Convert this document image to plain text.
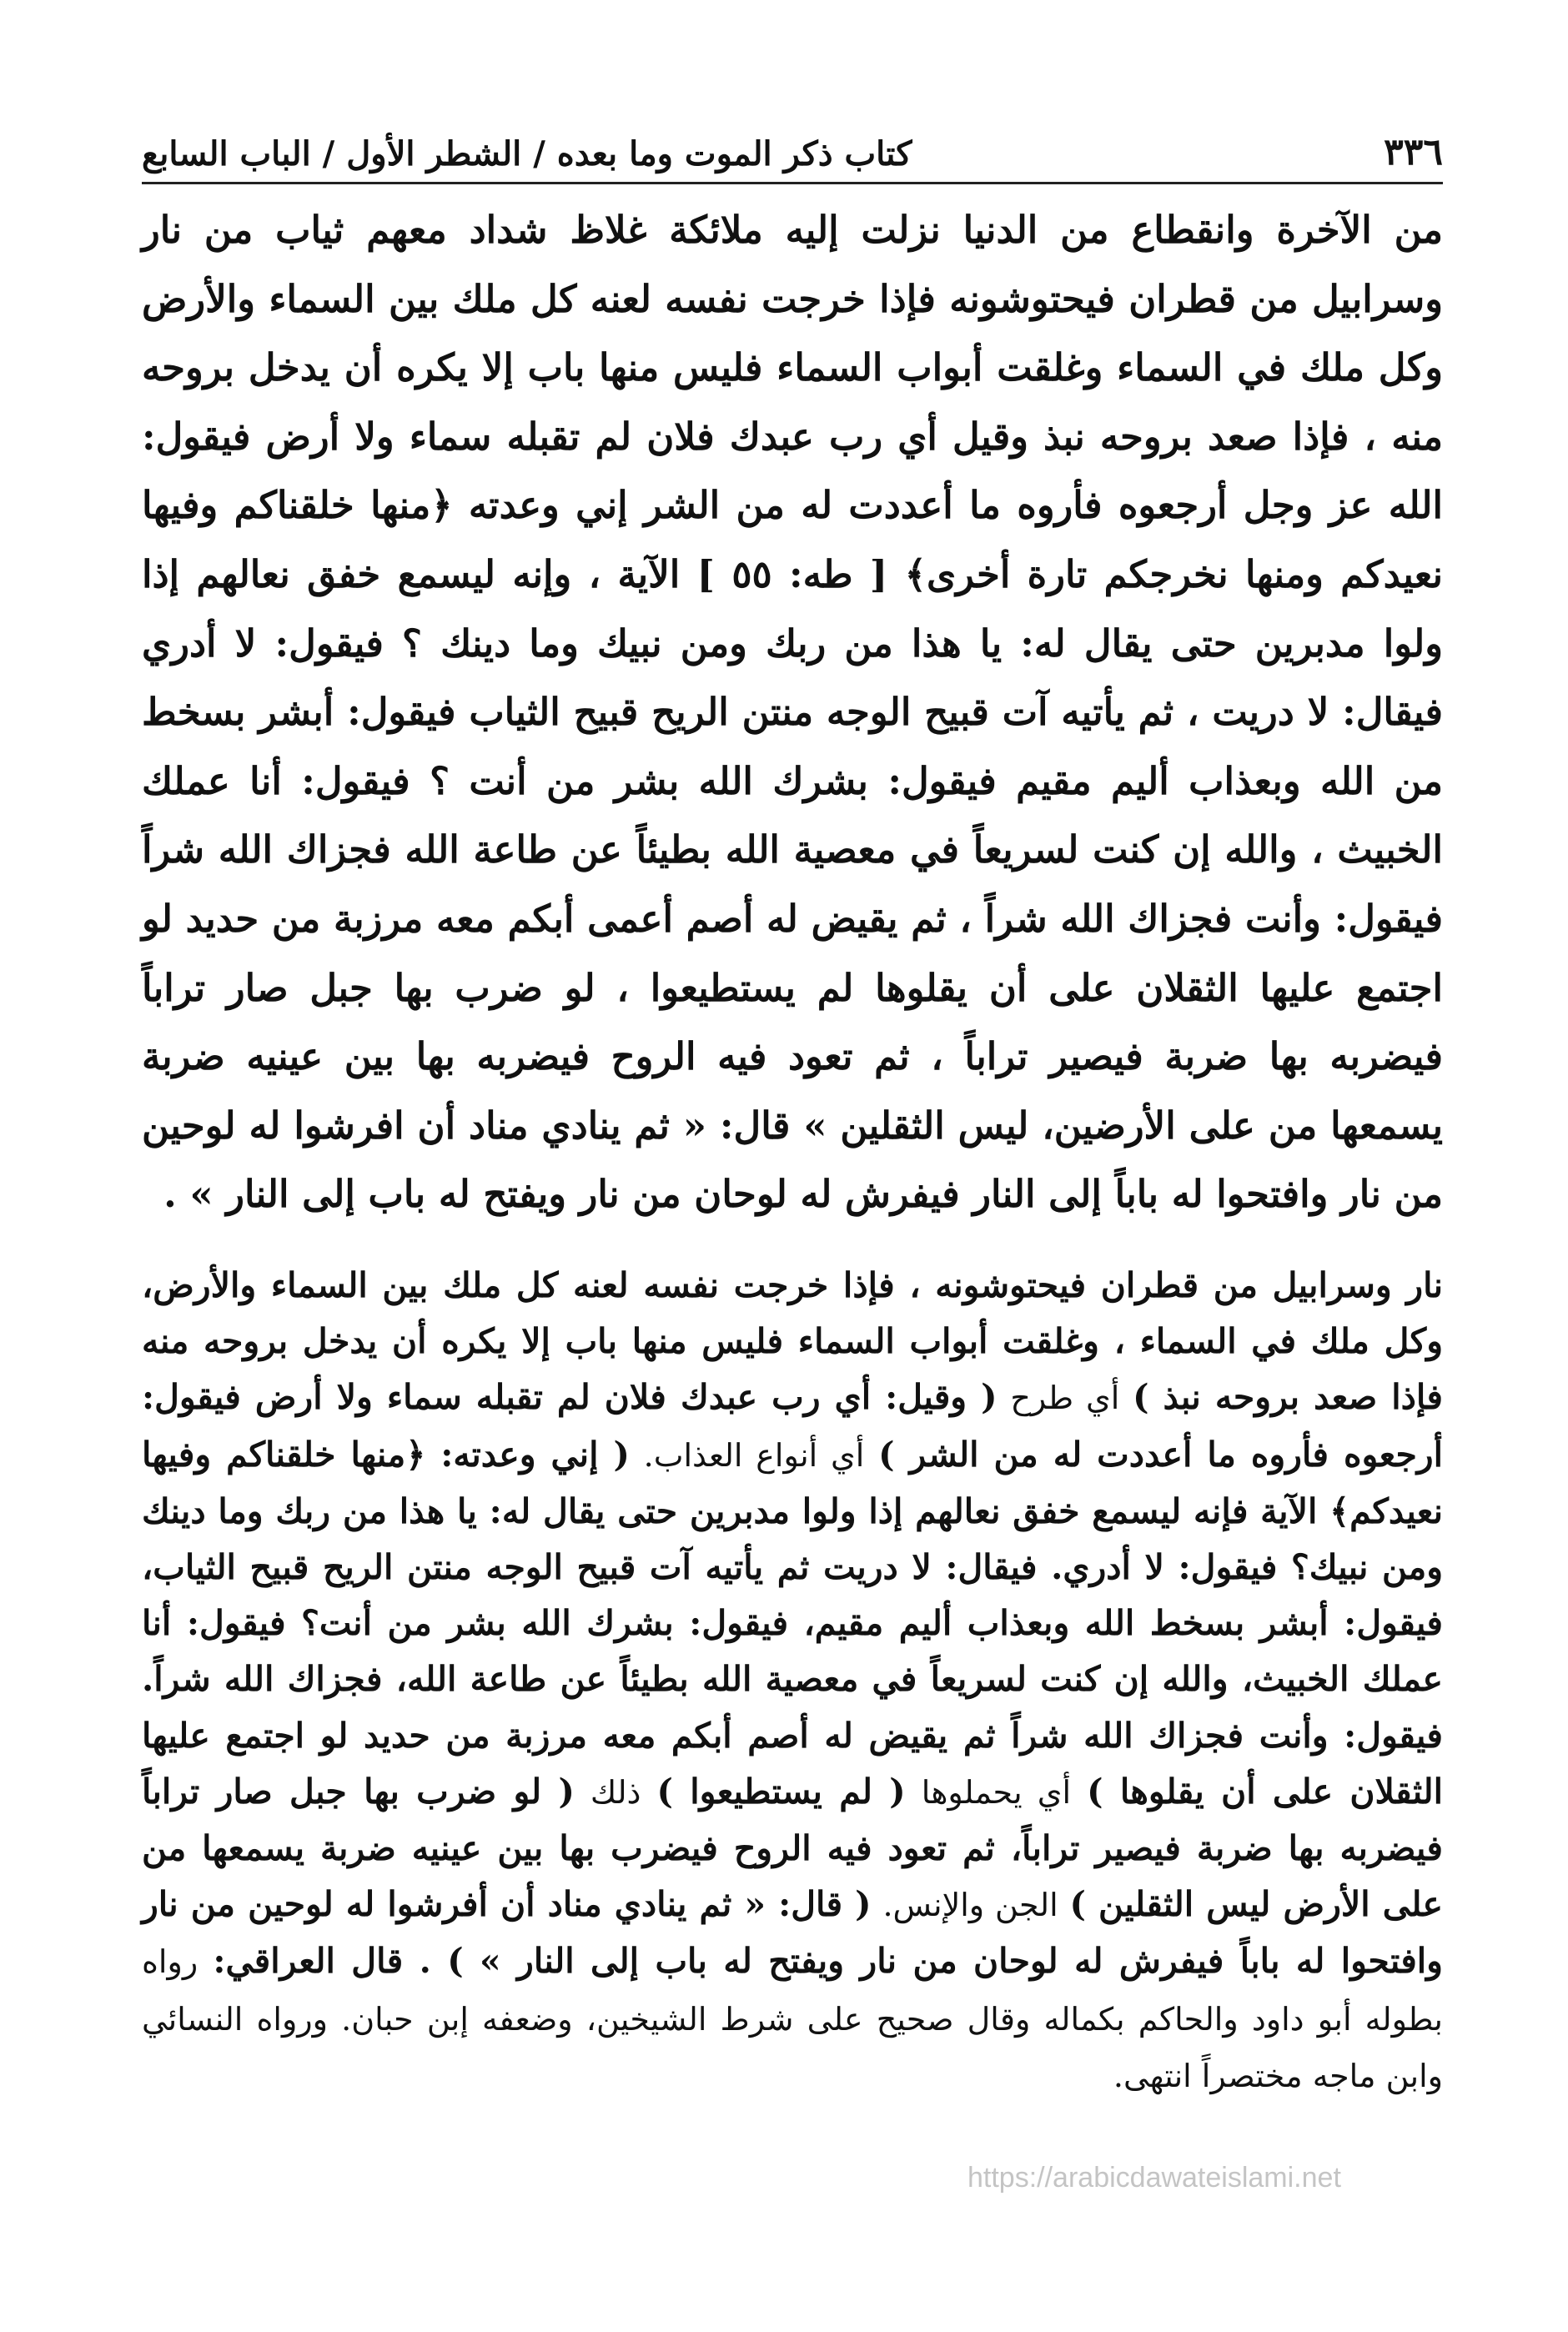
٣٣٦
كتاب ذكر الموت وما بعده / الشطر الأول / الباب السابع

من الآخرة وانقطاع من الدنيا نزلت إليه ملائكة غلاظ شداد معهم ثياب من نار وسرابيل من قطران فيحتوشونه فإذا خرجت نفسه لعنه كل ملك بين السماء والأرض وكل ملك في السماء وغلقت أبواب السماء فليس منها باب إلا يكره أن يدخل بروحه منه ، فإذا صعد بروحه نبذ وقيل أي رب عبدك فلان لم تقبله سماء ولا أرض فيقول: الله عز وجل أرجعوه فأروه ما أعددت له من الشر إني وعدته ﴿منها خلقناكم وفيها نعيدكم ومنها نخرجكم تارة أخرى﴾ [ طه: ٥٥ ] الآية ، وإنه ليسمع خفق نعالهم إذا ولوا مدبرين حتى يقال له: يا هذا من ربك ومن نبيك وما دينك ؟ فيقول: لا أدري فيقال: لا دريت ، ثم يأتيه آت قبيح الوجه منتن الريح قبيح الثياب فيقول: أبشر بسخط من الله وبعذاب أليم مقيم فيقول: بشرك الله بشر من أنت ؟ فيقول: أنا عملك الخبيث ، والله إن كنت لسريعاً في معصية الله بطيئاً عن طاعة الله فجزاك الله شراً فيقول: وأنت فجزاك الله شراً ، ثم يقيض له أصم أعمى أبكم معه مرزبة من حديد لو اجتمع عليها الثقلان على أن يقلوها لم يستطيعوا ، لو ضرب بها جبل صار تراباً فيضربه بها ضربة فيصير تراباً ، ثم تعود فيه الروح فيضربه بها بين عينيه ضربة يسمعها من على الأرضين، ليس الثقلين » قال: « ثم ينادي مناد أن افرشوا له لوحين من نار وافتحوا له باباً إلى النار فيفرش له لوحان من نار ويفتح له باب إلى النار » .

نار وسرابيل من قطران فيحتوشونه ، فإذا خرجت نفسه لعنه كل ملك بين السماء والأرض، وكل ملك في السماء ، وغلقت أبواب السماء فليس منها باب إلا يكره أن يدخل بروحه منه فإذا صعد بروحه نبذ ) أي طرح ( وقيل: أي رب عبدك فلان لم تقبله سماء ولا أرض فيقول: أرجعوه فأروه ما أعددت له من الشر ) أي أنواع العذاب. ( إني وعدته: ﴿منها خلقناكم وفيها نعيدكم﴾ الآية فإنه ليسمع خفق نعالهم إذا ولوا مدبرين حتى يقال له: يا هذا من ربك وما دينك ومن نبيك؟ فيقول: لا أدري. فيقال: لا دريت ثم يأتيه آت قبيح الوجه منتن الريح قبيح الثياب، فيقول: أبشر بسخط الله وبعذاب أليم مقيم، فيقول: بشرك الله بشر من أنت؟ فيقول: أنا عملك الخبيث، والله إن كنت لسريعاً في معصية الله بطيئاً عن طاعة الله، فجزاك الله شراً. فيقول: وأنت فجزاك الله شراً ثم يقيض له أصم أبكم معه مرزبة من حديد لو اجتمع عليها الثقلان على أن يقلوها ) أي يحملوها ( لم يستطيعوا ) ذلك ( لو ضرب بها جبل صار تراباً فيضربه بها ضربة فيصير تراباً، ثم تعود فيه الروح فيضرب بها بين عينيه ضربة يسمعها من على الأرض ليس الثقلين ) الجن والإنس. ( قال: « ثم ينادي مناد أن أفرشوا له لوحين من نار وافتحوا له باباً فيفرش له لوحان من نار ويفتح له باب إلى النار » ) . قال العراقي: رواه بطوله أبو داود والحاكم بكماله وقال صحيح على شرط الشيخين، وضعفه إبن حبان. ورواه النسائي وابن ماجه مختصراً انتهى.

https://arabicdawateislami.net
